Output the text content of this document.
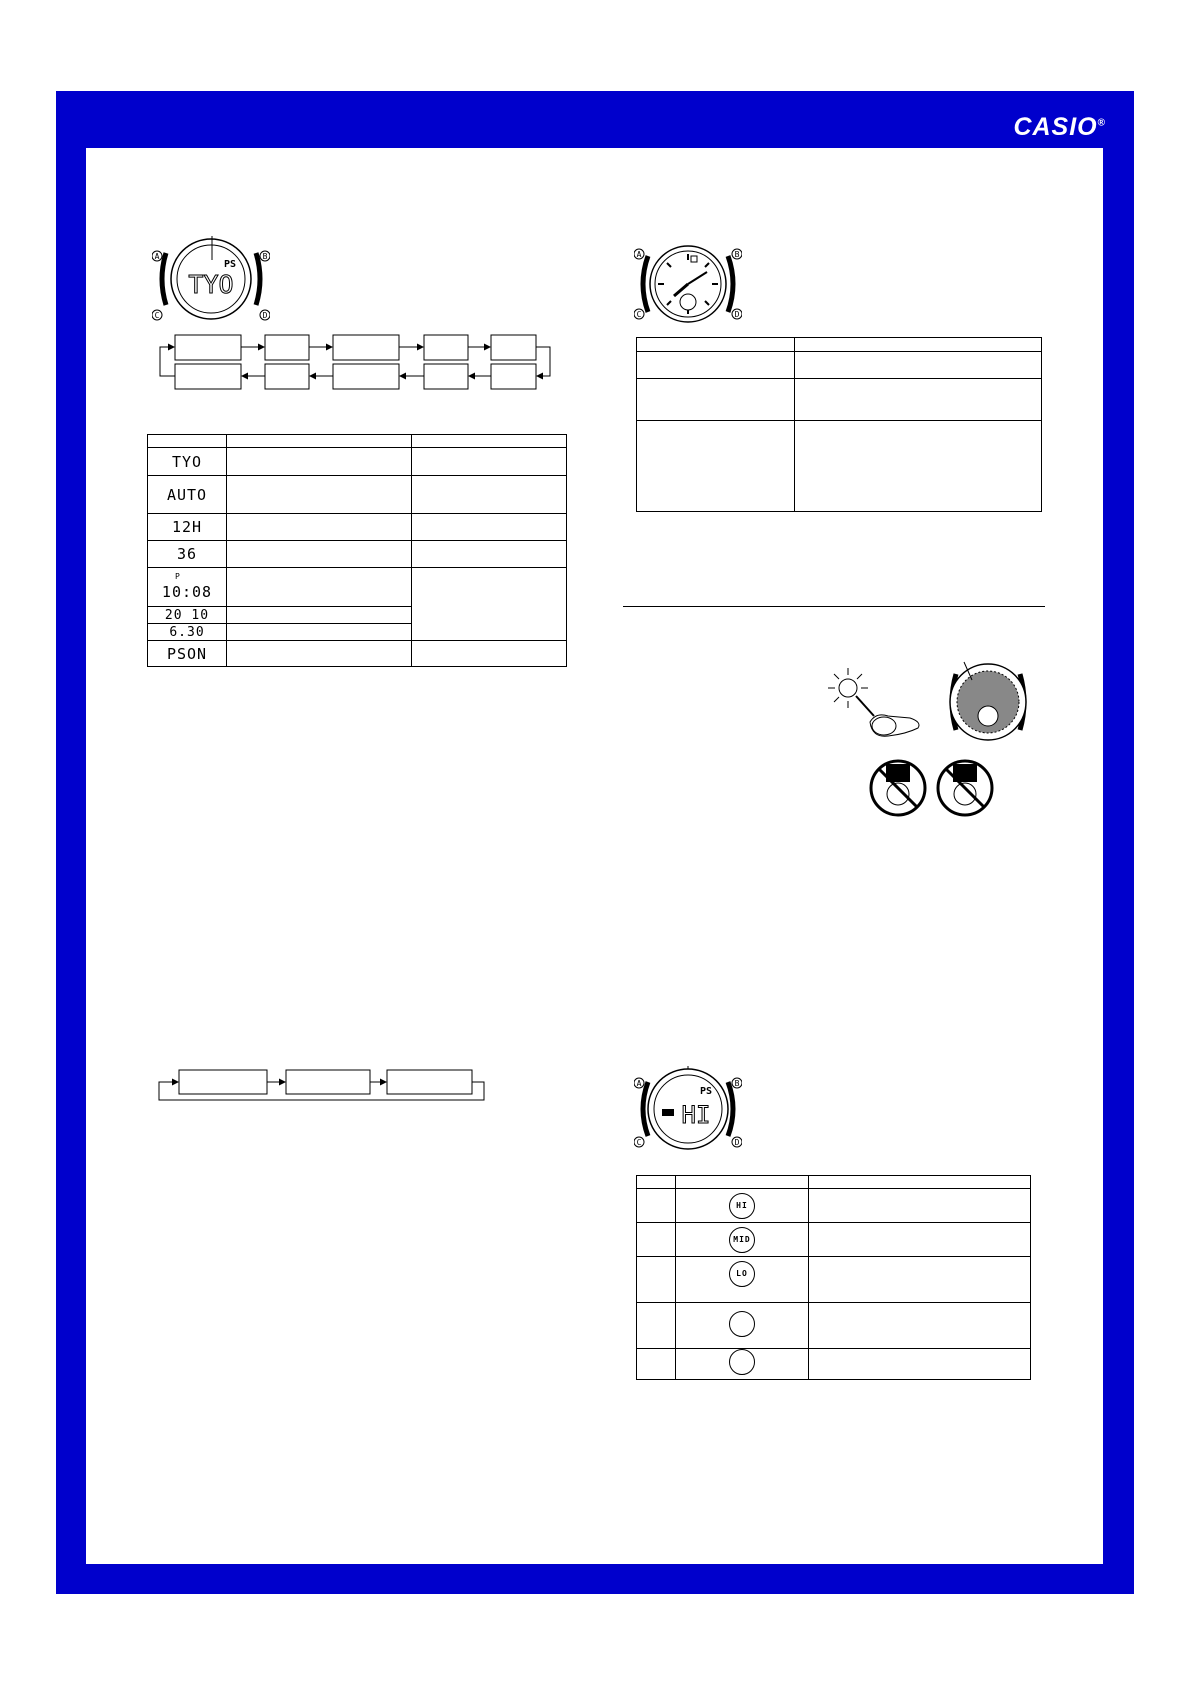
CASIO®
A	B
C	D
PS
TYO

TYO		
AUTO		
12H		
36		

P
10:08		
20 10		
6.30		
PSON		
A	B
C	D

A	B
C	D
PS
HI

	HI	
	MID	
	LO	
